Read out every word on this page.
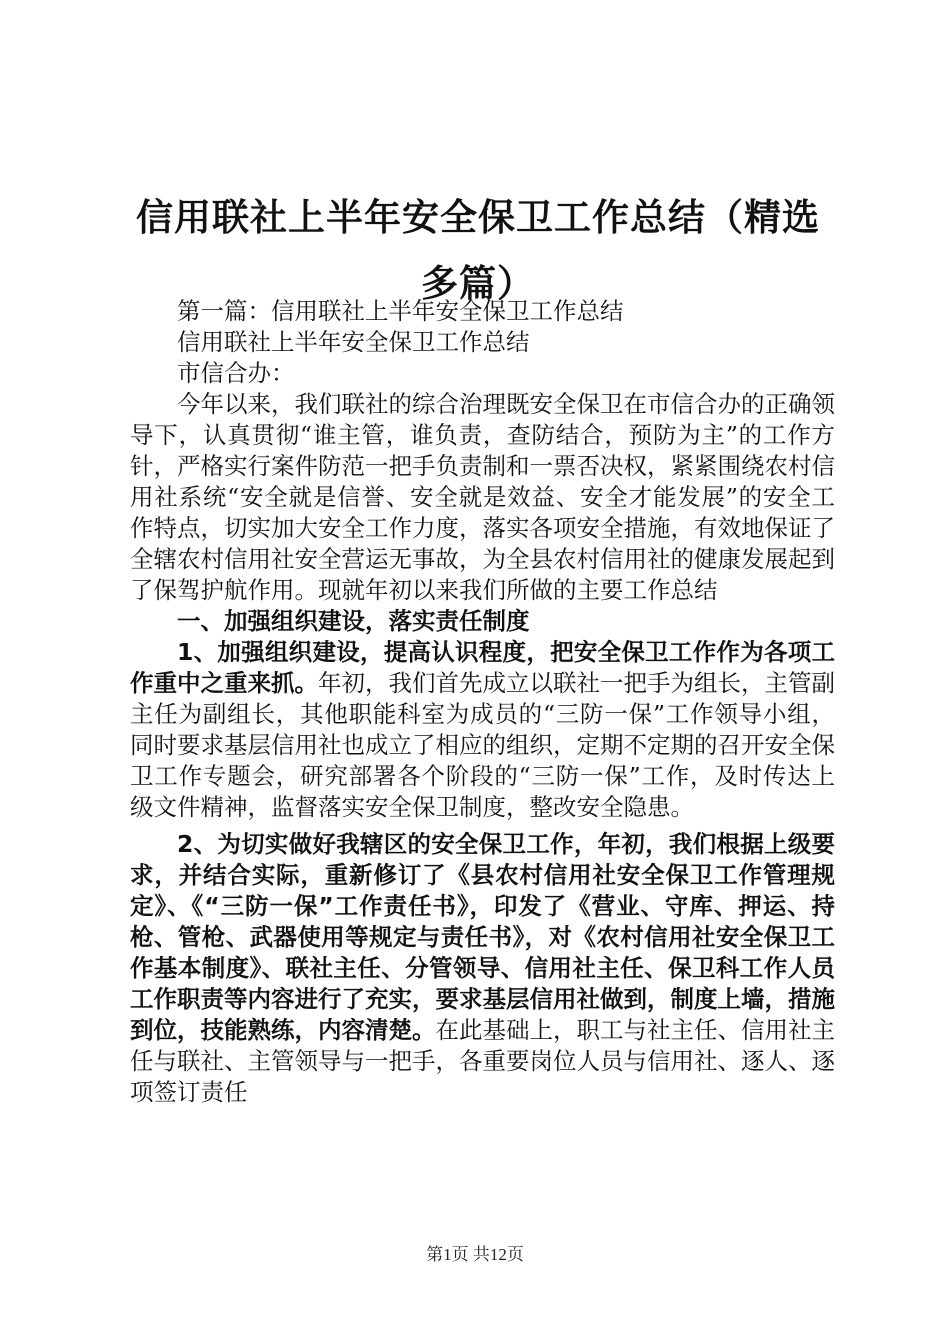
信用联社上半年安全保卫工作总结（精选多篇）

第一篇：信用联社上半年安全保卫工作总结

信用联社上半年安全保卫工作总结

市信合办：

今年以来，我们联社的综合治理既安全保卫在市信合办的正确领导下，认真贯彻“谁主管，谁负责，查防结合，预防为主”的工作方针，严格实行案件防范一把手负责制和一票否决权，紧紧围绕农村信用社系统“安全就是信誉、安全就是效益、安全才能发展”的安全工作特点，切实加大安全工作力度，落实各项安全措施，有效地保证了全辖农村信用社安全营运无事故，为全县农村信用社的健康发展起到了保驾护航作用。现就年初以来我们所做的主要工作总结

一、加强组织建设，落实责任制度

1、加强组织建设，提高认识程度，把安全保卫工作作为各项工作重中之重来抓。年初，我们首先成立以联社一把手为组长，主管副主任为副组长，其他职能科室为成员的“三防一保”工作领导小组，同时要求基层信用社也成立了相应的组织，定期不定期的召开安全保卫工作专题会，研究部署各个阶段的“三防一保”工作，及时传达上级文件精神，监督落实安全保卫制度，整改安全隐患。

2、为切实做好我辖区的安全保卫工作，年初，我们根据上级要求，并结合实际，重新修订了《县农村信用社安全保卫工作管理规定》、《“三防一保”工作责任书》，印发了《营业、守库、押运、持枪、管枪、武器使用等规定与责任书》，对《农村信用社安全保卫工作基本制度》、联社主任、分管领导、信用社主任、保卫科工作人员工作职责等内容进行了充实，要求基层信用社做到，制度上墙，措施到位，技能熟练，内容清楚。在此基础上，职工与社主任、信用社主任与联社、主管领导与一把手，各重要岗位人员与信用社、逐人、逐项签订责任

第1页 共12页
